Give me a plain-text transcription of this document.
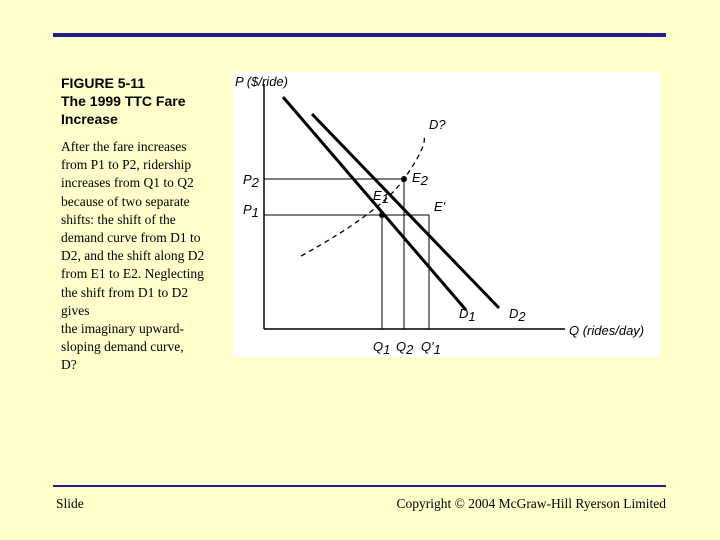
FIGURE 5-11
The 1999 TTC Fare
Increase
After the fare increases
from P1 to P2, ridership
increases from Q1 to Q2
because of two separate
shifts: the shift of the
demand curve from D1 to
D2, and the shift along D2
from E1 to E2. Neglecting
the shift from D1 to D2
gives
the imaginary upward-
sloping demand curve,
D?
P ($/ride)
Q (rides/day)
P2
P1
Q1 Q2 Q'1
D1	D2
D?
E1
E2
E'
Slide	Copyright © 2004 McGraw-Hill Ryerson Limited
